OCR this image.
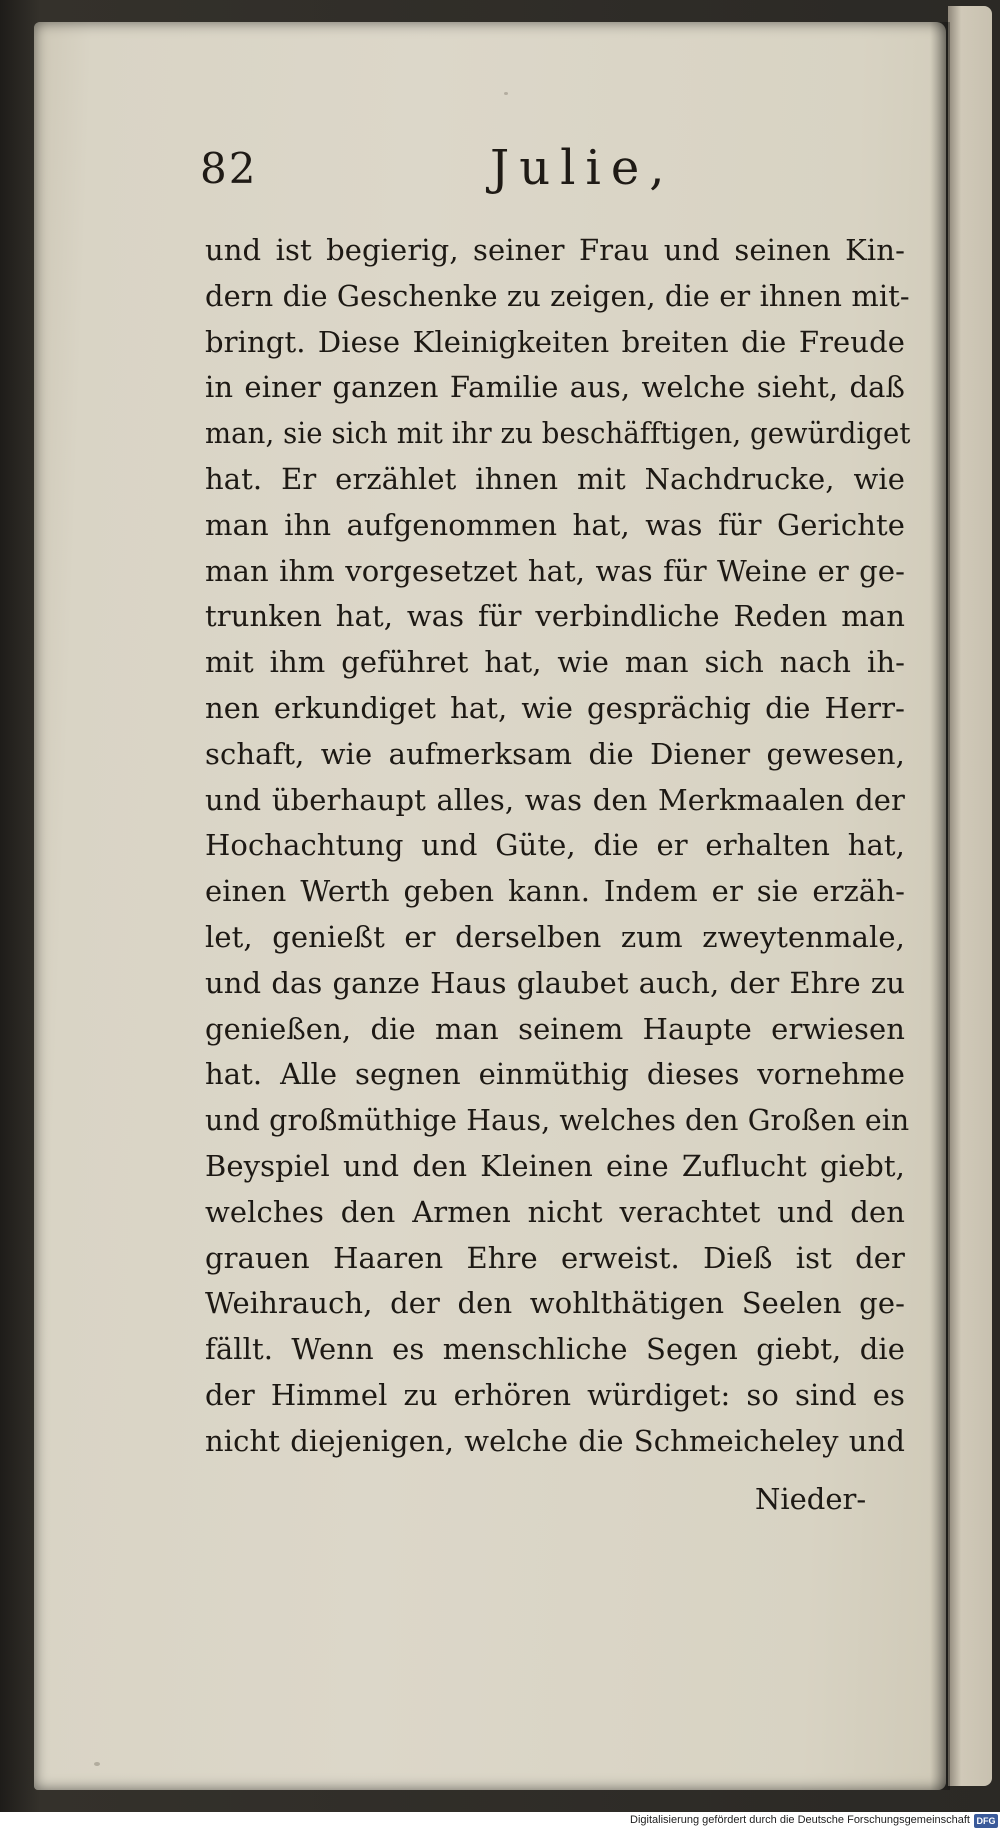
82	Julie,
und ist begierig, seiner Frau und seinen Kin-
dern die Geschenke zu zeigen, die er ihnen mit-
bringt. Diese Kleinigkeiten breiten die Freude
in einer ganzen Familie aus, welche sieht, daß
man, sie sich mit ihr zu beschäfftigen, gewürdiget
hat. Er erzählet ihnen mit Nachdrucke, wie
man ihn aufgenommen hat, was für Gerichte
man ihm vorgesetzet hat, was für Weine er ge-
trunken hat, was für verbindliche Reden man
mit ihm geführet hat, wie man sich nach ih-
nen erkundiget hat, wie gesprächig die Herr-
schaft, wie aufmerksam die Diener gewesen,
und überhaupt alles, was den Merkmaalen der
Hochachtung und Güte, die er erhalten hat,
einen Werth geben kann. Indem er sie erzäh-
let, genießt er derselben zum zweytenmale,
und das ganze Haus glaubet auch, der Ehre zu
genießen, die man seinem Haupte erwiesen
hat. Alle segnen einmüthig dieses vornehme
und großmüthige Haus, welches den Großen ein
Beyspiel und den Kleinen eine Zuflucht giebt,
welches den Armen nicht verachtet und den
grauen Haaren Ehre erweist. Dieß ist der
Weihrauch, der den wohlthätigen Seelen ge-
fällt. Wenn es menschliche Segen giebt, die
der Himmel zu erhören würdiget: so sind es
nicht diejenigen, welche die Schmeicheley und
Nieder-
Digitalisierung gefördert durch die Deutsche Forschungsgemeinschaft DFG
